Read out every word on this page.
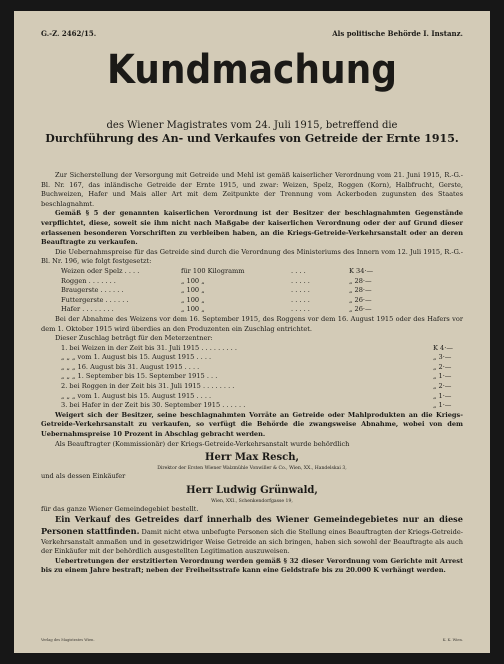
G.-Z. 2462/15.	Als politische Behörde I. Instanz.
Kundmachung
des Wiener Magistrates vom 24. Juli 1915, betreffend die
Durchführung des An- und Verkaufes von Getreide der Ernte 1915.

Zur Sicherstellung der Versorgung mit Getreide und Mehl ist gemäß kaiserlicher Verordnung vom 21. Juni 1915, R.-G.-Bl. Nr. 167, das inländische Getreide der Ernte 1915, und zwar: Weizen, Spelz, Roggen (Korn), Halbfrucht, Gerste, Buchweizen, Hafer und Mais aller Art mit dem Zeitpunkte der Trennung vom Ackerboden zugunsten des Staates beschlagnahmt.

Gemäß § 5 der genannten kaiserlichen Verordnung ist der Besitzer der beschlagnahmten Gegenstände verpflichtet, diese, soweit sie ihm nicht nach Maßgabe der kaiserlichen Verordnung oder der auf Grund dieser erlassenen besonderen Vorschriften zu verbleiben haben, an die Kriegs-Getreide-Verkehrsanstalt oder an deren Beauftragte zu verkaufen.

Die Uebernahmspreise für das Getreide sind durch die Verordnung des Ministeriums des Innern vom 12. Juli 1915, R.-G.-Bl. Nr. 196, wie folgt festgesetzt:

Weizen oder Spelz . . . .	für 100 Kilogramm	. . . .	K 34·—
Roggen . . . . . . .	„ 100 „	. . . . .	„ 28·—
Braugerste . . . . . .	„ 100 „	. . . . .	„ 28·—
Futtergerste . . . . . .	„ 100 „	. . . . .	„ 26·—
Hafer . . . . . . . .	„ 100 „	. . . . .	„ 26·—

Bei der Abnahme des Weizens vor dem 16. September 1915, des Roggens vor dem 16. August 1915 oder des Hafers vor dem 1. Oktober 1915 wird überdies an den Produzenten ein Zuschlag entrichtet.

Dieser Zuschlag beträgt für den Meterzentner:

1. bei Weizen in der Zeit bis 31. Juli 1915 . . . . . . . . .	K 4·—
„ „ „ vom 1. August bis 15. August 1915 . . . .	„ 3·—
„ „ „ 16. August bis 31. August 1915 . . . .	„ 2·—
„ „ „ 1. September bis 15. September 1915 . . .	„ 1·—
2. bei Roggen in der Zeit bis 31. Juli 1915 . . . . . . . .	„ 2·—
„ „ „ vom 1. August bis 15. August 1915 . . . .	„ 1·—
3. bei Hafer in der Zeit bis 30. September 1915 . . . . . .	„ 1·—

Weigert sich der Besitzer, seine beschlagnahmten Vorräte an Getreide oder Mahlprodukten an die Kriegs-Getreide-Verkehrsanstalt zu verkaufen, so verfügt die Behörde die zwangsweise Abnahme, wobei von dem Uebernahmspreise 10 Prozent in Abschlag gebracht werden.

Als Beauftragter (Kommissionär) der Kriegs-Getreide-Verkehrsanstalt wurde behördlich

Herr Max Resch,
Direktor der Ersten Wiener Walzmühle Vonwiller & Co., Wien, XX., Handelskai 3,

und als dessen Einkäufer

Herr Ludwig Grünwald,
Wien, XXI., Schenkendorfgasse 19,

für das ganze Wiener Gemeindegebiet bestellt.

Ein Verkauf des Getreides darf innerhalb des Wiener Gemeindegebietes nur an diese Personen stattfinden. Damit nicht etwa unbefugte Personen sich die Stellung eines Beauftragten der Kriegs-Getreide-Verkehrsanstalt anmaßen und in gesetzwidriger Weise Getreide an sich bringen, haben sich sowohl der Beauftragte als auch der Einkäufer mit der behördlich ausgestellten Legitimation auszuweisen.

Uebertretungen der erstzitierten Verordnung werden gemäß § 32 dieser Verordnung vom Gerichte mit Arrest bis zu einem Jahre bestraft; neben der Freiheitsstrafe kann eine Geldstrafe bis zu 20.000 K verhängt werden.

Verlag des Magistrates Wien.	K. K. Wien.
